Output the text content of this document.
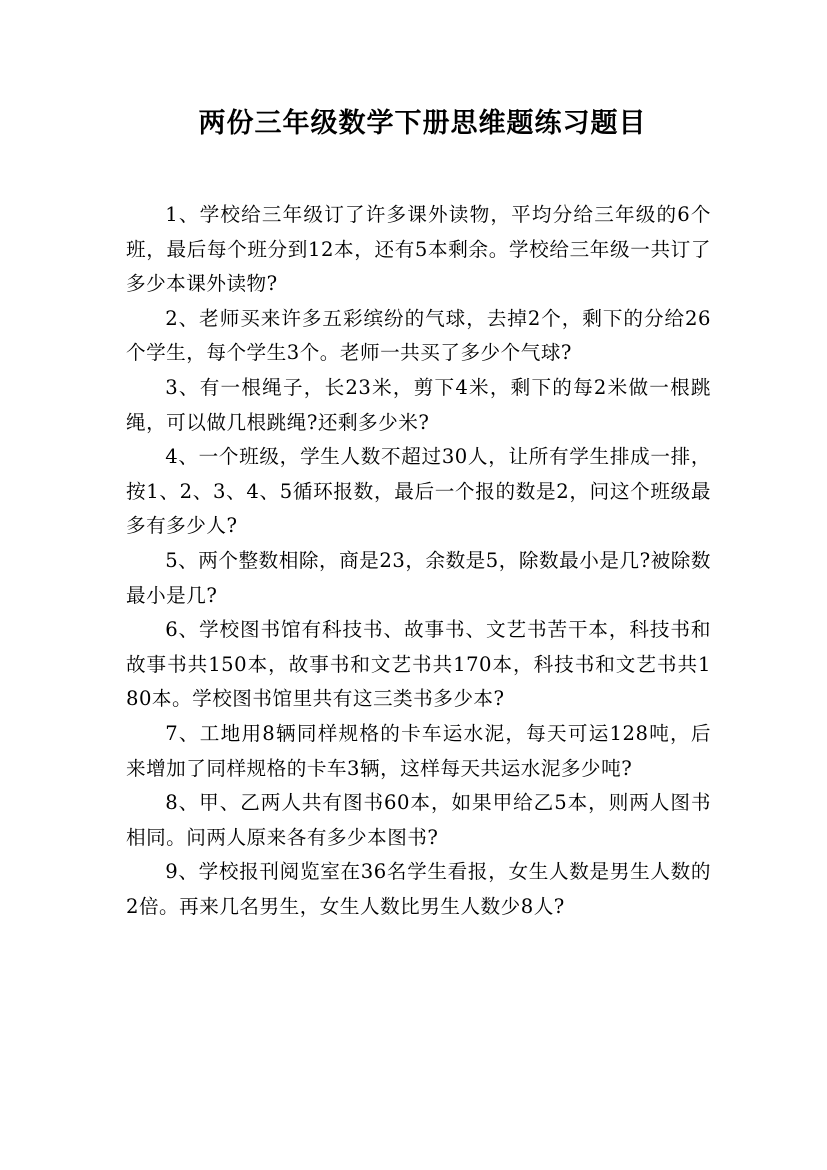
两份三年级数学下册思维题练习题目

1、学校给三年级订了许多课外读物，平均分给三年级的6个班，最后每个班分到12本，还有5本剩余。学校给三年级一共订了多少本课外读物?

2、老师买来许多五彩缤纷的气球，去掉2个，剩下的分给26个学生，每个学生3个。老师一共买了多少个气球?

3、有一根绳子，长23米，剪下4米，剩下的每2米做一根跳绳，可以做几根跳绳?还剩多少米?

4、一个班级，学生人数不超过30人，让所有学生排成一排，按1、2、3、4、5循环报数，最后一个报的数是2，问这个班级最多有多少人?

5、两个整数相除，商是23，余数是5，除数最小是几?被除数最小是几?

6、学校图书馆有科技书、故事书、文艺书苦干本，科技书和故事书共150本，故事书和文艺书共170本，科技书和文艺书共180本。学校图书馆里共有这三类书多少本?

7、工地用8辆同样规格的卡车运水泥，每天可运128吨，后来增加了同样规格的卡车3辆，这样每天共运水泥多少吨?

8、甲、乙两人共有图书60本，如果甲给乙5本，则两人图书相同。问两人原来各有多少本图书?

9、学校报刊阅览室在36名学生看报，女生人数是男生人数的2倍。再来几名男生，女生人数比男生人数少8人?
